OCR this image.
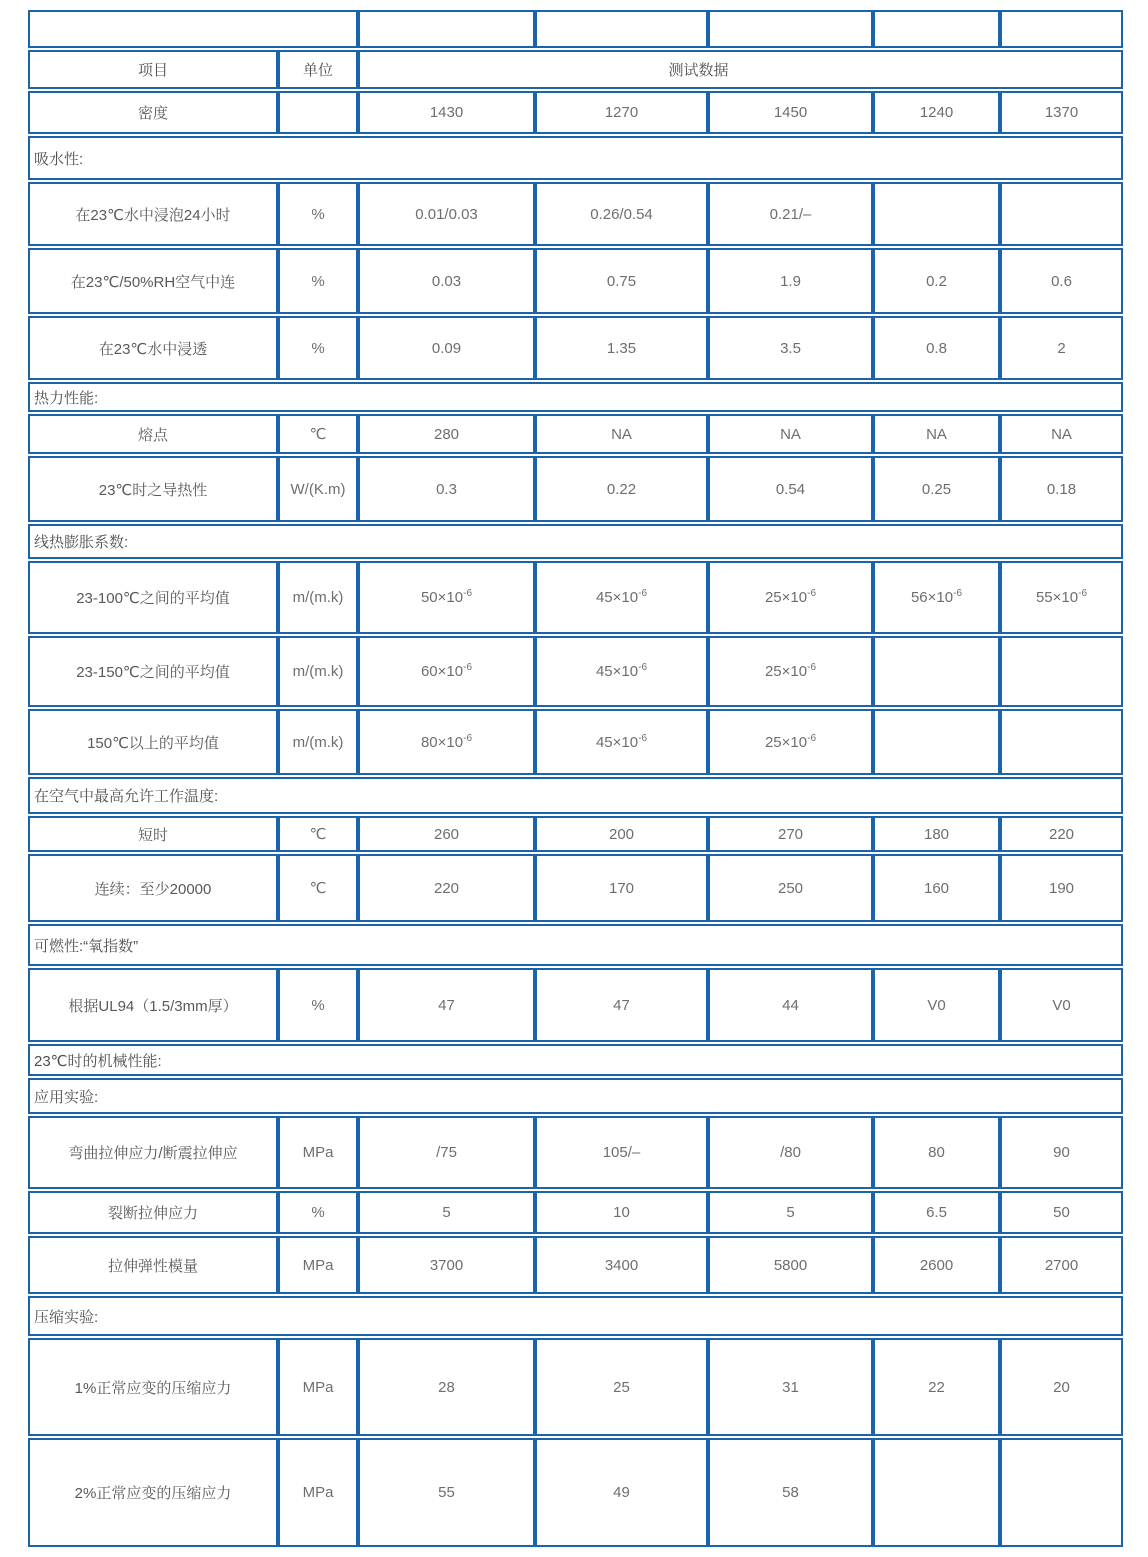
产品名称		PPS	PEI	PAI	PSU	PES
项目	单位	测试数据				
密度		1430	1270	1450	1240	1370
吸水性:						
在23℃水中浸泡24小时	%	0.01/0.03	0.26/0.54	0.21/–		
在23℃/50%RH空气中连	%	0.03	0.75	1.9	0.2	0.6
在23℃水中浸透	%	0.09	1.35	3.5	0.8	2
热力性能:						
熔点	℃	280	NA	NA	NA	NA
23℃时之导热性	W/(K.m)	0.3	0.22	0.54	0.25	0.18
线热膨胀系数:						
23-100℃之间的平均值	m/(m.k)	$50\times 10^{-6}$	$45\times 10^{-6}$	$25\times 10^{-6}$	$56\times 10^{-6}$	$55\times 10^{-6}$
23-150℃之间的平均值	m/(m.k)	$60\times 10^{-6}$	$45\times 10^{-6}$	$25\times 10^{-6}$		
150℃以上的平均值	m/(m.k)	$80\times 10^{-6}$	$45\times 10^{-6}$	$25\times 10^{-6}$		
在空气中最高允许工作温度:						
短时	℃	260	200	270	180	220
连续：至少20000	℃	220	170	250	160	190
可燃性:“氧指数”						
根据UL94（1.5/3mm厚）	%	47	47	44	V0	V0
23℃时的机械性能:						
应用实验:						
弯曲拉伸应力/断震拉伸应	MPa	/75	105/–	/80	80	90
裂断拉伸应力	%	5	10	5	6.5	50
拉伸弹性模量	MPa	3700	3400	5800	2600	2700
压缩实验:						
1%正常应变的压缩应力	MPa	28	25	31	22	20
2%正常应变的压缩应力	MPa	55	49	58		
